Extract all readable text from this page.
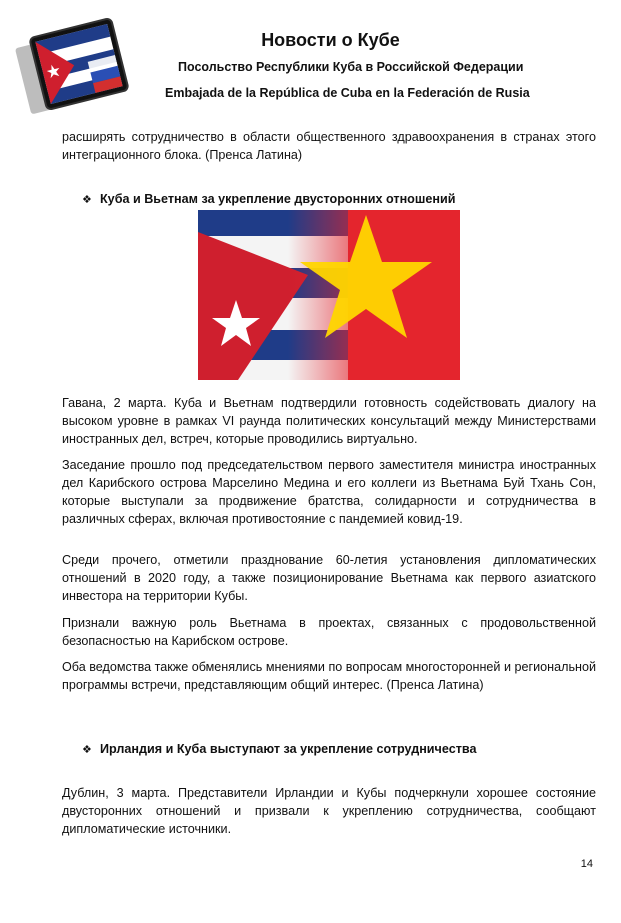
Новости о Кубе
Посольство Республики Куба в Российской Федерации
Embajada de la República de Cuba en la Federación de Rusia

расширять сотрудничество в области общественного здравоохранения в странах этого интеграционного блока. (Пренса Латина)

❖ Куба и Вьетнам за укрепление двусторонних отношений

Гавана, 2 марта. Куба и Вьетнам подтвердили готовность содействовать диалогу на высоком уровне в рамках VI раунда политических консультаций между Министерствами иностранных дел, встреч, которые проводились виртуально.

Заседание прошло под председательством первого заместителя министра иностранных дел Карибского острова Марселино Медина и его коллеги из Вьетнама Буй Тхань Сон, которые выступали за продвижение братства, солидарности и сотрудничества в различных сферах, включая противостояние с пандемией ковид-19.

Среди прочего, отметили празднование 60-летия установления дипломатических отношений в 2020 году, а также позиционирование Вьетнама как первого азиатского инвестора на территории Кубы.

Признали важную роль Вьетнама в проектах, связанных с продовольственной безопасностью на Карибском острове.

Оба ведомства также обменялись мнениями по вопросам многосторонней и региональной программы встречи, представляющим общий интерес. (Пренса Латина)

❖ Ирландия и Куба выступают за укрепление сотрудничества

Дублин, 3 марта. Представители Ирландии и Кубы подчеркнули хорошее состояние двусторонних отношений и призвали к укреплению сотрудничества, сообщают дипломатические источники.

14
